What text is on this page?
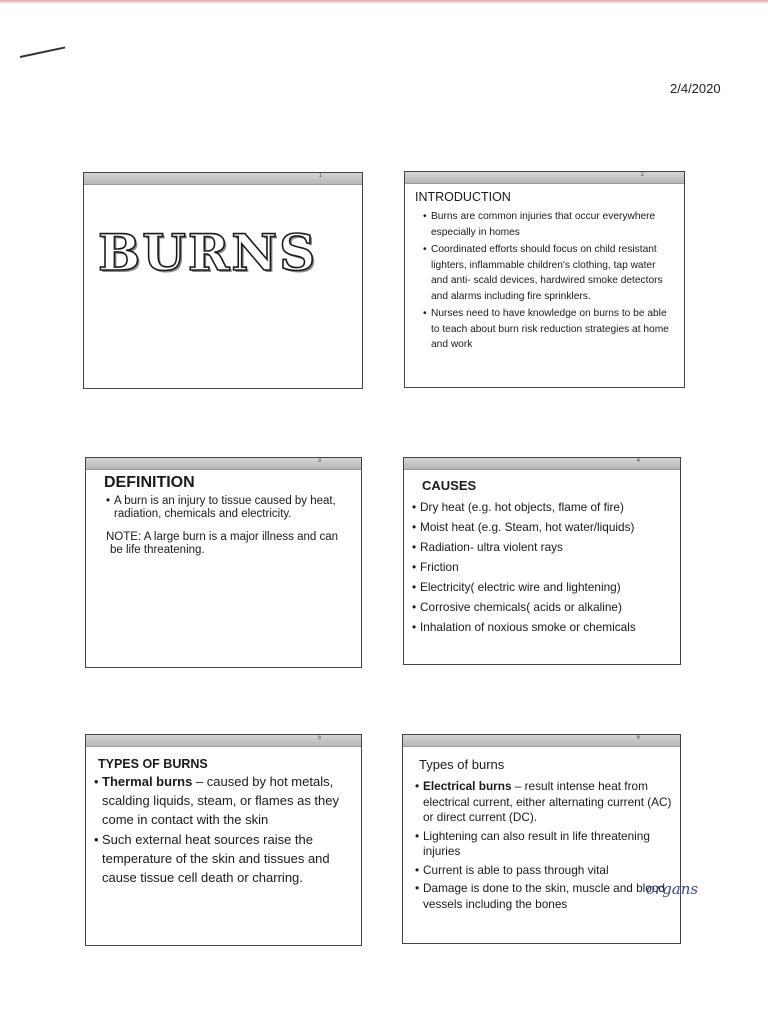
2/4/2020
1
BURNS
2
INTRODUCTION
• Burns are common injuries that occur everywhere especially in homes
• Coordinated efforts should focus on child resistant lighters, inflammable children's clothing, tap water and anti- scald devices, hardwired smoke detectors and alarms including fire sprinklers.
• Nurses need to have knowledge on burns to be able to teach about burn risk reduction strategies at home and work
3
DEFINITION
• A burn is an injury to tissue caused by heat, radiation, chemicals and electricity.
NOTE: A large burn is a major illness and can be life threatening.
4
CAUSES
• Dry heat (e.g. hot objects, flame of fire)
• Moist heat (e.g. Steam, hot water/liquids)
• Radiation- ultra violent rays
• Friction
• Electricity( electric wire and lightening)
• Corrosive chemicals( acids or alkaline)
• Inhalation of noxious smoke or chemicals
5
TYPES OF BURNS
• Thermal burns – caused by hot metals, scalding liquids, steam, or flames as they come in contact with the skin
• Such external heat sources raise the temperature of the skin and tissues and cause tissue cell death or charring.
6
Types of burns
• Electrical burns – result intense heat from electrical current, either alternating current (AC) or direct current (DC).
• Lightening can also result in life threatening injuries
• Current is able to pass through vital
• Damage is done to the skin, muscle and blood vessels including the bones
organs
